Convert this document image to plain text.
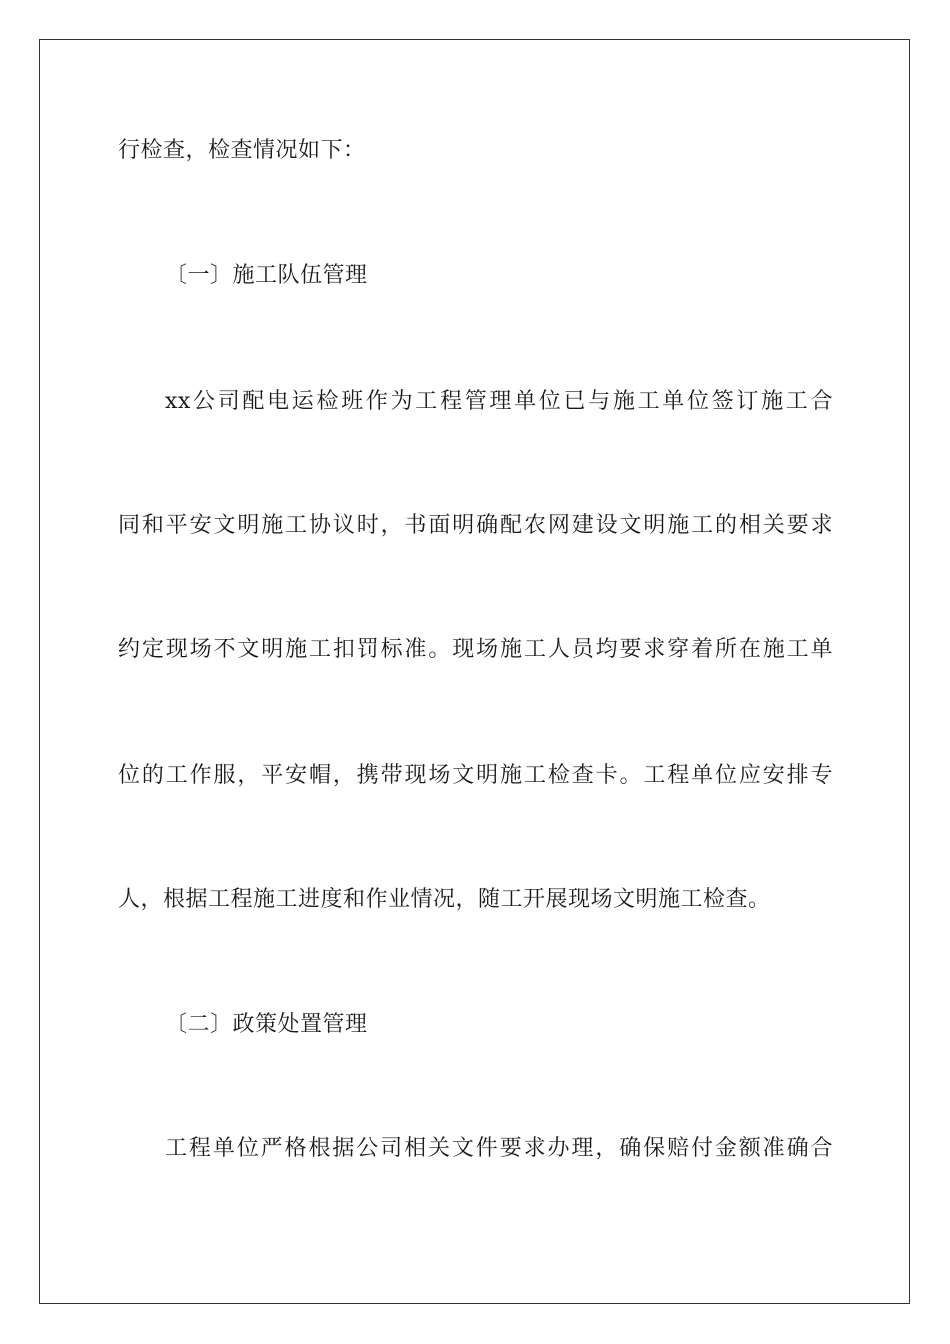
行检查，检查情况如下：
〔一〕施工队伍管理
xx公司配电运检班作为工程管理单位已与施工单位签订施工合
同和平安文明施工协议时，书面明确配农网建设文明施工的相关要求
约定现场不文明施工扣罚标准。现场施工人员均要求穿着所在施工单
位的工作服，平安帽，携带现场文明施工检查卡。工程单位应安排专
人，根据工程施工进度和作业情况，随工开展现场文明施工检查。
〔二〕政策处置管理
工程单位严格根据公司相关文件要求办理，确保赔付金额准确合
